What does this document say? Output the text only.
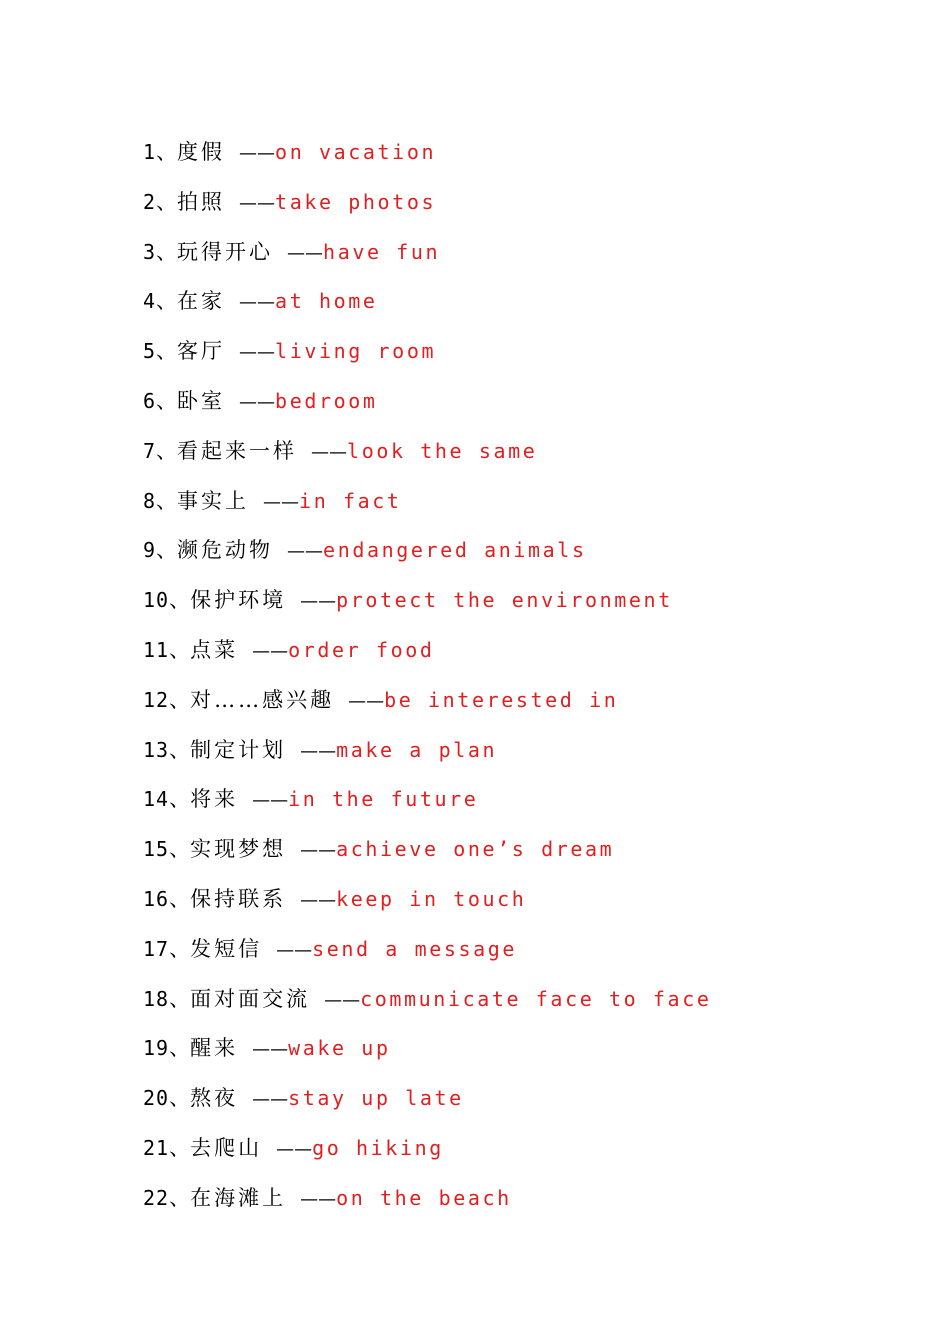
1、度假 ——on vacation
2、拍照 ——take photos
3、玩得开心 ——have fun
4、在家 ——at home
5、客厅 ——living room
6、卧室 ——bedroom
7、看起来一样 ——look the same
8、事实上 ——in fact
9、濒危动物 ——endangered animals
10、保护环境 ——protect the environment
11、点菜 ——order food
12、对……感兴趣 ——be interested in
13、制定计划 ——make a plan
14、将来 ——in the future
15、实现梦想 ——achieve one’s dream
16、保持联系 ——keep in touch
17、发短信 ——send a message
18、面对面交流 ——communicate face to face
19、醒来 ——wake up
20、熬夜 ——stay up late
21、去爬山 ——go hiking
22、在海滩上 ——on the beach
